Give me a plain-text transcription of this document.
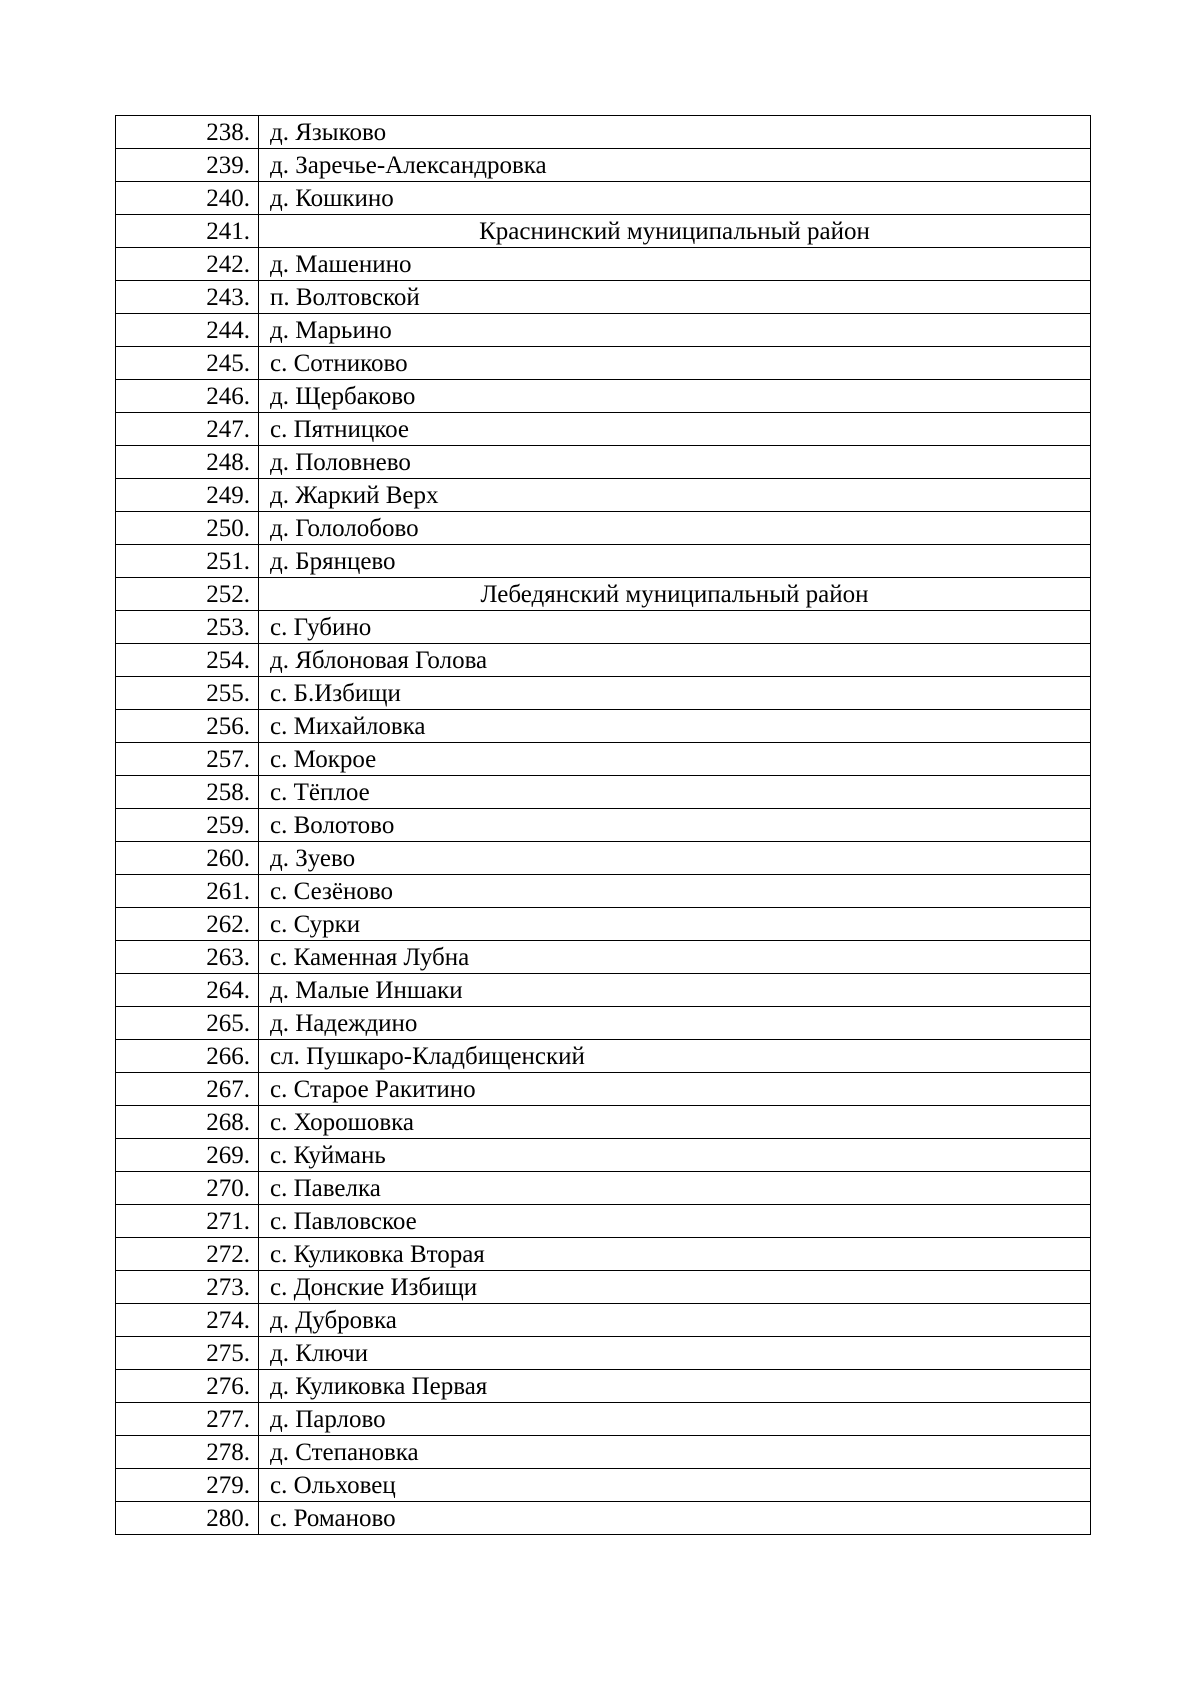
238.	д. Языково
239.	д. Заречье-Александровка
240.	д. Кошкино
241.	Краснинский муниципальный район
242.	д. Машенино
243.	п. Волтовской
244.	д. Марьино
245.	с. Сотниково
246.	д. Щербаково
247.	с. Пятницкое
248.	д. Половнево
249.	д. Жаркий Верх
250.	д. Гололобово
251.	д. Брянцево
252.	Лебедянский муниципальный район
253.	с. Губино
254.	д. Яблоновая Голова
255.	с. Б.Избищи
256.	с. Михайловка
257.	с. Мокрое
258.	с. Тёплое
259.	с. Волотово
260.	д. Зуево
261.	с. Сезёново
262.	с. Сурки
263.	с. Каменная Лубна
264.	д. Малые Иншаки
265.	д. Надеждино
266.	сл. Пушкаро-Кладбищенский
267.	с. Старое Ракитино
268.	с. Хорошовка
269.	с. Куймань
270.	с. Павелка
271.	с. Павловское
272.	с. Куликовка Вторая
273.	с. Донские Избищи
274.	д. Дубровка
275.	д. Ключи
276.	д. Куликовка Первая
277.	д. Парлово
278.	д. Степановка
279.	с. Ольховец
280.	с. Романово
